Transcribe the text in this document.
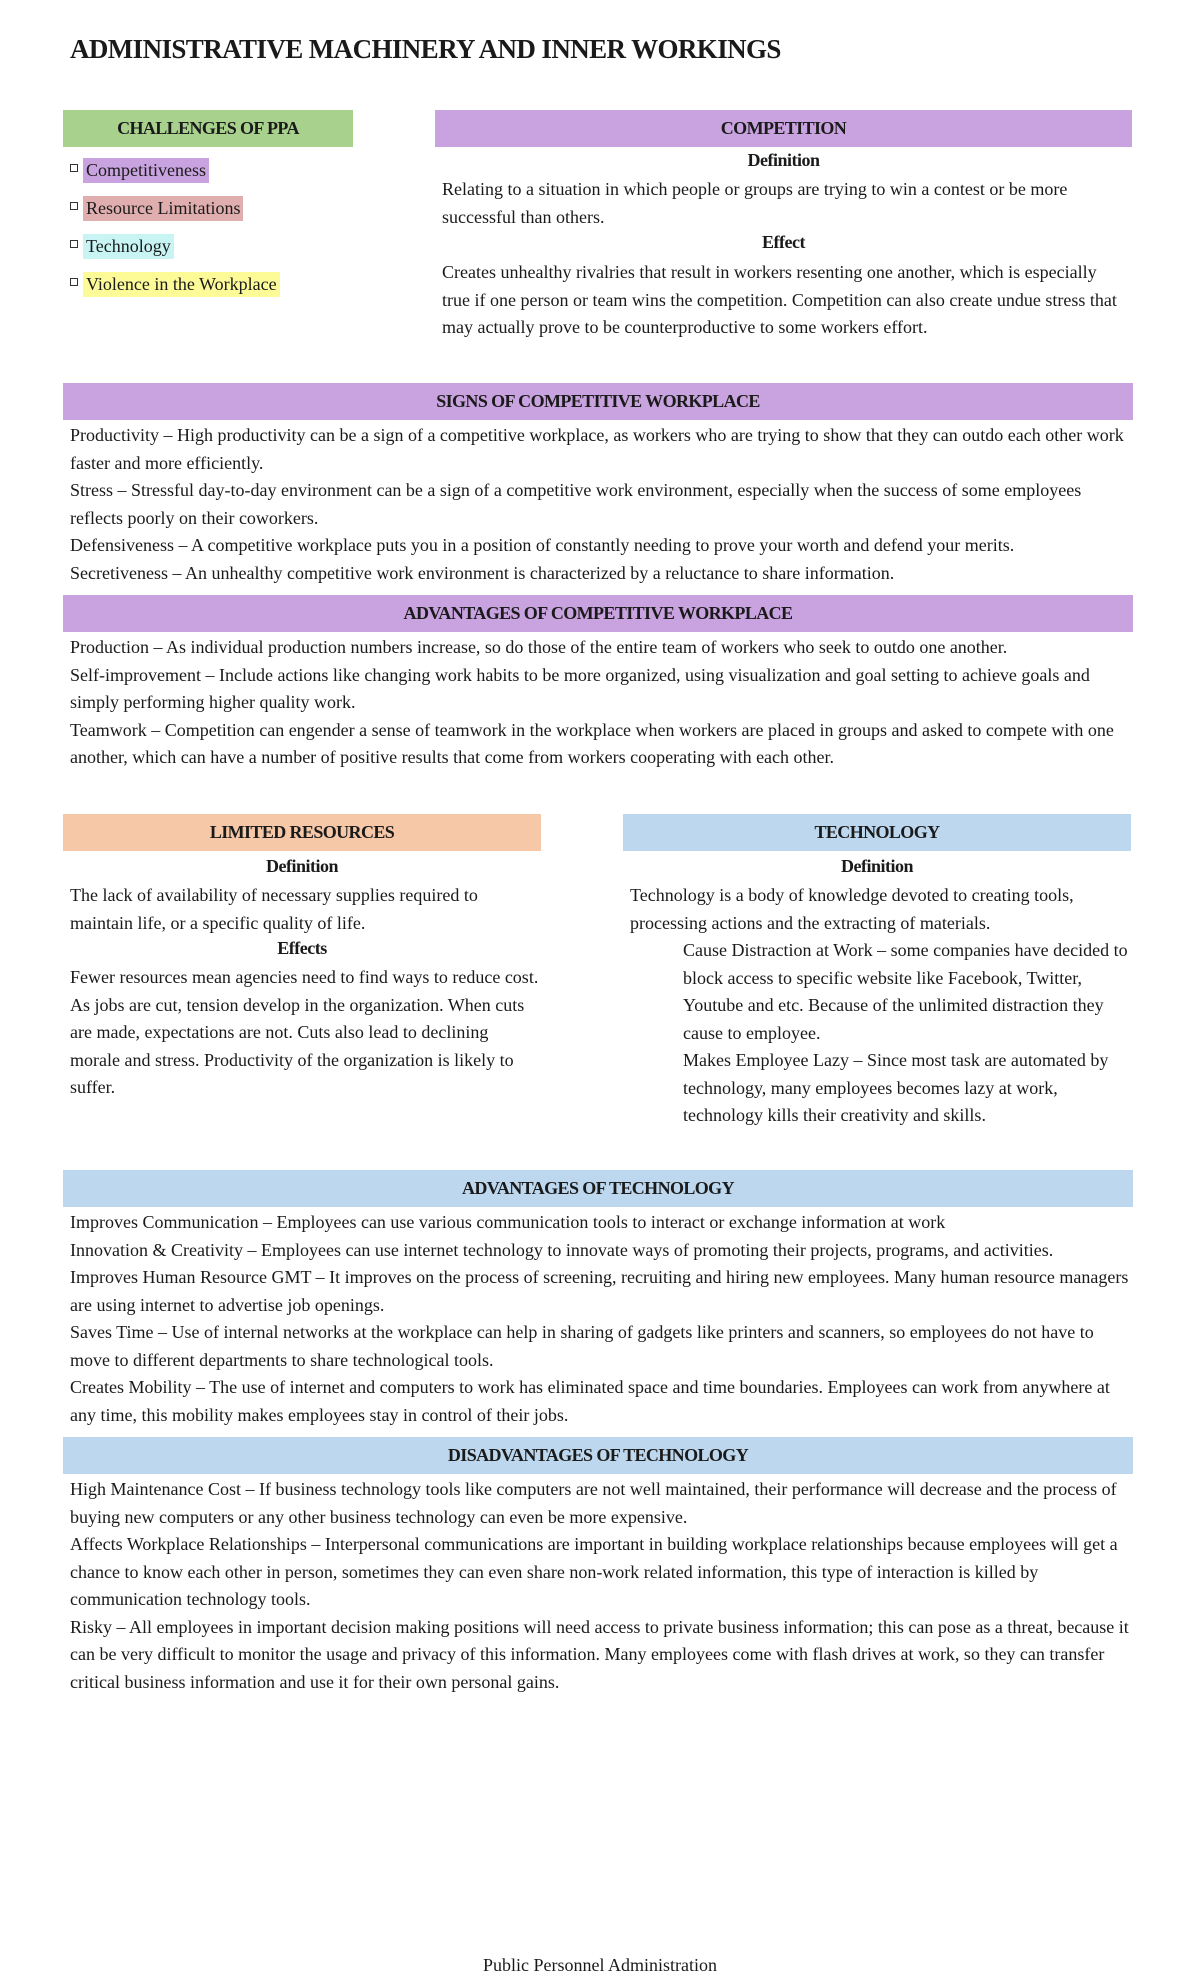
ADMINISTRATIVE MACHINERY AND INNER WORKINGS
CHALLENGES OF PPA
Competitiveness
Resource Limitations
Technology
Violence in the Workplace
COMPETITION
Definition
Relating to a situation in which people or groups are trying to win a contest or be more successful than others.
Effect
Creates unhealthy rivalries that result in workers resenting one another, which is especially true if one person or team wins the competition. Competition can also create undue stress that may actually prove to be counterproductive to some workers effort.
SIGNS OF COMPETITIVE WORKPLACE

Productivity – High productivity can be a sign of a competitive workplace, as workers who are trying to show that they can outdo each other work faster and more efficiently.

Stress – Stressful day-to-day environment can be a sign of a competitive work environment, especially when the success of some employees reflects poorly on their coworkers.

Defensiveness – A competitive workplace puts you in a position of constantly needing to prove your worth and defend your merits.

Secretiveness – An unhealthy competitive work environment is characterized by a reluctance to share information.

ADVANTAGES OF COMPETITIVE WORKPLACE

Production – As individual production numbers increase, so do those of the entire team of workers who seek to outdo one another.

Self-improvement – Include actions like changing work habits to be more organized, using visualization and goal setting to achieve goals and simply performing higher quality work.

Teamwork – Competition can engender a sense of teamwork in the workplace when workers are placed in groups and asked to compete with one another, which can have a number of positive results that come from workers cooperating with each other.

LIMITED RESOURCES
Definition
The lack of availability of necessary supplies required to maintain life, or a specific quality of life.
Effects
Fewer resources mean agencies need to find ways to reduce cost. As jobs are cut, tension develop in the organization. When cuts are made, expectations are not. Cuts also lead to declining morale and stress. Productivity of the organization is likely to suffer.
TECHNOLOGY
Definition
Technology is a body of knowledge devoted to creating tools, processing actions and the extracting of materials.

Cause Distraction at Work – some companies have decided to block access to specific website like Facebook, Twitter, Youtube and etc. Because of the unlimited distraction they cause to employee.

Makes Employee Lazy – Since most task are automated by technology, many employees becomes lazy at work, technology kills their creativity and skills.

ADVANTAGES OF TECHNOLOGY

Improves Communication – Employees can use various communication tools to interact or exchange information at work

Innovation & Creativity – Employees can use internet technology to innovate ways of promoting their projects, programs, and activities.

Improves Human Resource GMT – It improves on the process of screening, recruiting and hiring new employees. Many human resource managers are using internet to advertise job openings.

Saves Time – Use of internal networks at the workplace can help in sharing of gadgets like printers and scanners, so employees do not have to move to different departments to share technological tools.

Creates Mobility – The use of internet and computers to work has eliminated space and time boundaries. Employees can work from anywhere at any time, this mobility makes employees stay in control of their jobs.

DISADVANTAGES OF TECHNOLOGY

High Maintenance Cost – If business technology tools like computers are not well maintained, their performance will decrease and the process of buying new computers or any other business technology can even be more expensive.

Affects Workplace Relationships – Interpersonal communications are important in building workplace relationships because employees will get a chance to know each other in person, sometimes they can even share non-work related information, this type of interaction is killed by communication technology tools.

Risky – All employees in important decision making positions will need access to private business information; this can pose as a threat, because it can be very difficult to monitor the usage and privacy of this information. Many employees come with flash drives at work, so they can transfer critical business information and use it for their own personal gains.

Public Personnel Administration
